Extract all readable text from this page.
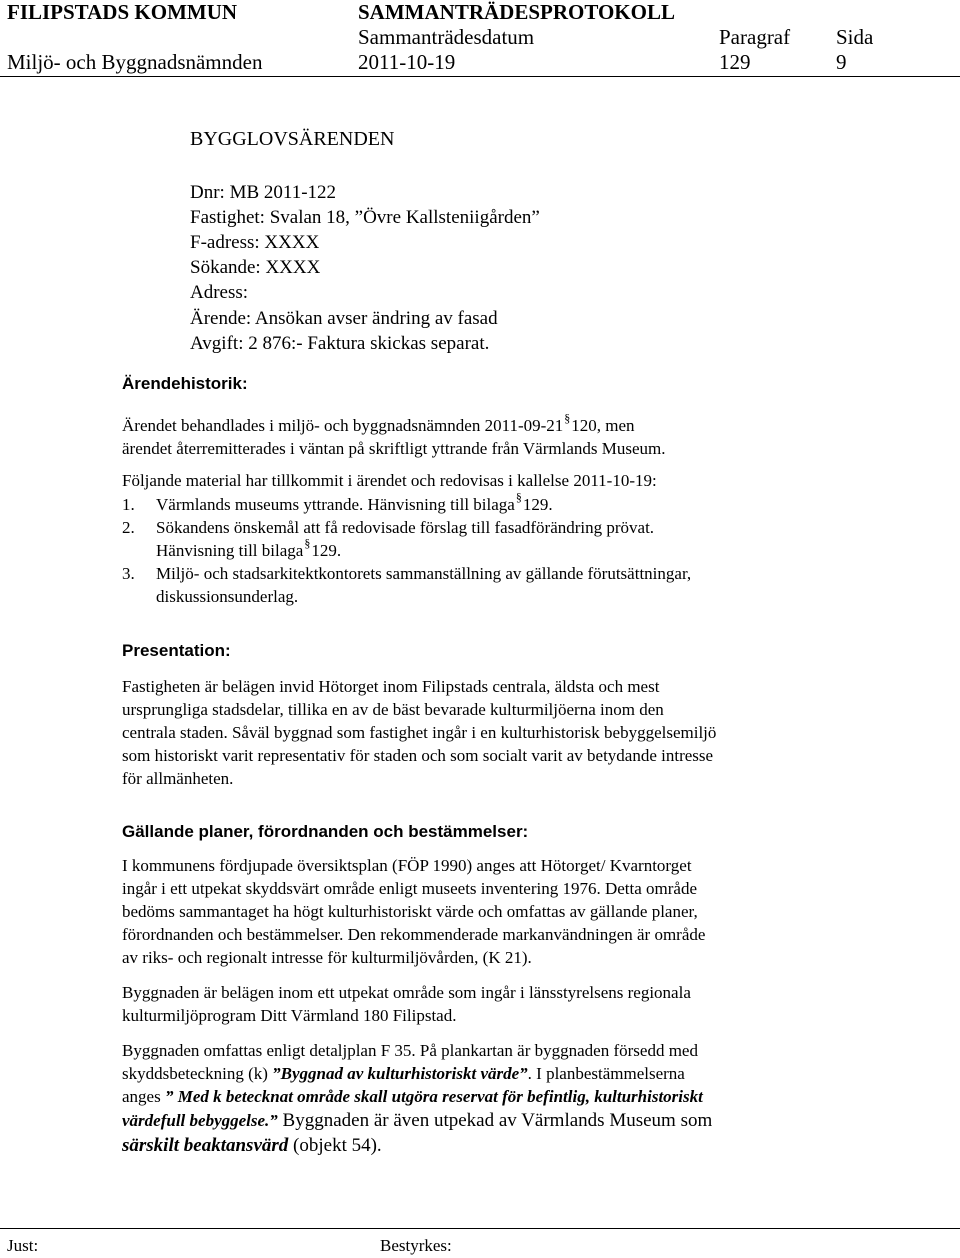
FILIPSTADS KOMMUN	SAMMANTRÄDESPROTOKOLL
Sammanträdesdatum	Paragraf Sida
Miljö- och Byggnadsnämnden	2011-10-19	129	9
BYGGLOVSÄRENDEN
Dnr: MB 2011-122
Fastighet: Svalan 18, ”Övre Kallsteniigården”
F-adress: XXXX
Sökande: XXXX
Adress:
Ärende: Ansökan avser ändring av fasad
Avgift: 2 876:- Faktura skickas separat.
Ärendehistorik:
Ärendet behandlades i miljö- och byggnadsnämnden 2011-09-21§120, men
ärendet återremitterades i väntan på skriftligt yttrande från Värmlands Museum.
Följande material har tillkommit i ärendet och redovisas i kallelse 2011-10-19:
1. Värmlands museums yttrande. Hänvisning till bilaga§129.
2. Sökandens önskemål att få redovisade förslag till fasadförändring prövat.
Hänvisning till bilaga§129.
3. Miljö- och stadsarkitektkontorets sammanställning av gällande förutsättningar,
diskussionsunderlag.
Presentation:
Fastigheten är belägen invid Hötorget inom Filipstads centrala, äldsta och mest
ursprungliga stadsdelar, tillika en av de bäst bevarade kulturmiljöerna inom den
centrala staden. Såväl byggnad som fastighet ingår i en kulturhistorisk bebyggelsemiljö
som historiskt varit representativ för staden och som socialt varit av betydande intresse
för allmänheten.
Gällande planer, förordnanden och bestämmelser:
I kommunens fördjupade översiktsplan (FÖP 1990) anges att Hötorget/ Kvarntorget
ingår i ett utpekat skyddsvärt område enligt museets inventering 1976. Detta område
bedöms sammantaget ha högt kulturhistoriskt värde och omfattas av gällande planer,
förordnanden och bestämmelser. Den rekommenderade markanvändningen är område
av riks- och regionalt intresse för kulturmiljövården, (K 21).
Byggnaden är belägen inom ett utpekat område som ingår i länsstyrelsens regionala
kulturmiljöprogram Ditt Värmland 180 Filipstad.
Byggnaden omfattas enligt detaljplan F 35. På plankartan är byggnaden försedd med
skyddsbeteckning (k) ”Byggnad av kulturhistoriskt värde”. I planbestämmelserna
anges ” Med k betecknat område skall utgöra reservat för befintlig, kulturhistoriskt
värdefull bebyggelse.” Byggnaden är även utpekad av Värmlands Museum som
särskilt beaktansvärd (objekt 54).
Just:	Bestyrkes:
